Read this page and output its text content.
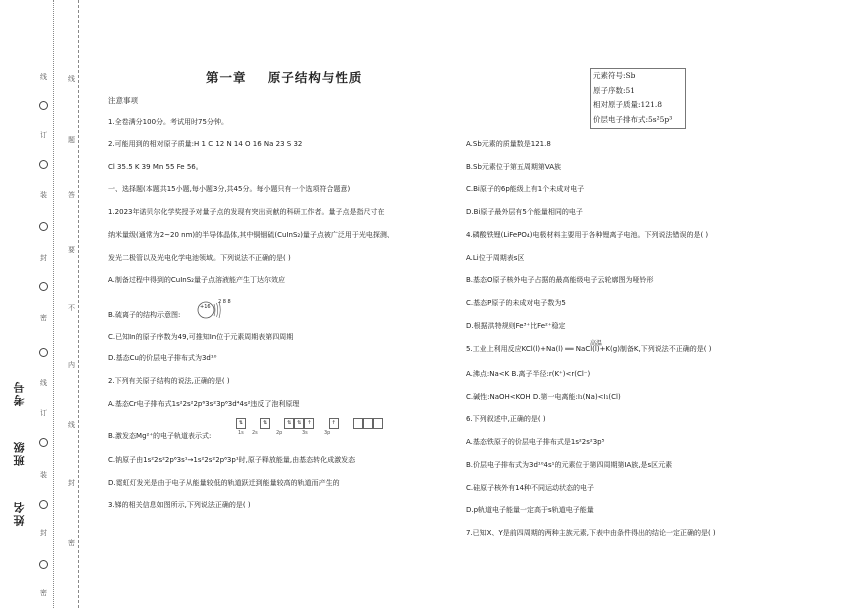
线
题
答
要
不
内
线
封
密
线
订
装
封
密
线
订
装
封
密
考号
班级
姓名
第一章    原子结构与性质
注意事项
1.全卷满分100分。考试用时75分钟。
2.可能用到的相对原子质量:H 1 C 12 N 14 O 16 Na 23 S 32
Cl 35.5 K 39 Mn 55 Fe 56。
一、选择题(本题共15小题,每小题3分,共45分。每小题只有一个选项符合题意)
1.2023年诺贝尔化学奖授予对量子点的发现有突出贡献的科研工作者。量子点是指尺寸在
纳米量级(通常为2~20 nm)的半导体晶体,其中铜铟硫(CuInS₂)量子点被广泛用于光电探测、
发光二极管以及光电化学电池领域。下列说法不正确的是( )
A.制备过程中得到的CuInS₂量子点溶液能产生丁达尔效应
B.硫离子的结构示意图:
C.已知In的原子序数为49,可推知In位于元素周期表第四周期
D.基态Cu的价层电子排布式为3d¹⁰
2.下列有关原子结构的说法,正确的是( )
A.基态Cr电子排布式1s²2s²2p⁶3s²3p⁶3d⁴4s²违反了泡利原理
B.激发态Mg²⁺的电子轨道表示式:
C.钠原子由1s²2s²2p⁶3s¹→1s²2s²2p⁶3p¹时,原子释放能量,由基态转化成激发态
D.霓虹灯发光是由于电子从能量较低的轨道跃迁到能量较高的轨道而产生的
3.锑的相关信息如图所示,下列说法正确的是( )
+16
2 8 8
⇅	⇅	⇅ ⇅ ↑	↑
1s 2s	2p	3s	3p
元素符号:Sb
原子序数:51
相对原子质量:121.8
价层电子排布式:5s²5p³
A.Sb元素的质量数是121.8
B.Sb元素位于第五周期第VA族
C.Bi原子的6p能级上有1个未成对电子
D.Bi原子最外层有5个能量相同的电子
4.磷酸铁锂(LiFePO₄)电极材料主要用于各种锂离子电池。下列说法错误的是( )
A.Li位于周期表s区
B.基态O原子核外电子占据的最高能级电子云轮廓图为哑铃形
C.基态P原子的未成对电子数为5
D.根据洪特规则Fe³⁺比Fe²⁺稳定
5.工业上利用反应KCl(l)+Na(l) ══ NaCl(l)+K(g)制备K,下列说法不正确的是( )
A.沸点:Na<K B.离子半径:r(K⁺)<r(Cl⁻)
C.碱性:NaOH<KOH D.第一电离能:I₁(Na)<I₁(Cl)
6.下列叙述中,正确的是( )
A.基态铁原子的价层电子排布式是1s²2s²3p⁵
B.价层电子排布式为3d¹⁰4s¹的元素位于第四周期第ⅠA族,是s区元素
C.硅原子核外有14种不同运动状态的电子
D.p轨道电子能量一定高于s轨道电子能量
7.已知X、Y是前四周期的两种主族元素,下表中由条件得出的结论一定正确的是( )
高温
